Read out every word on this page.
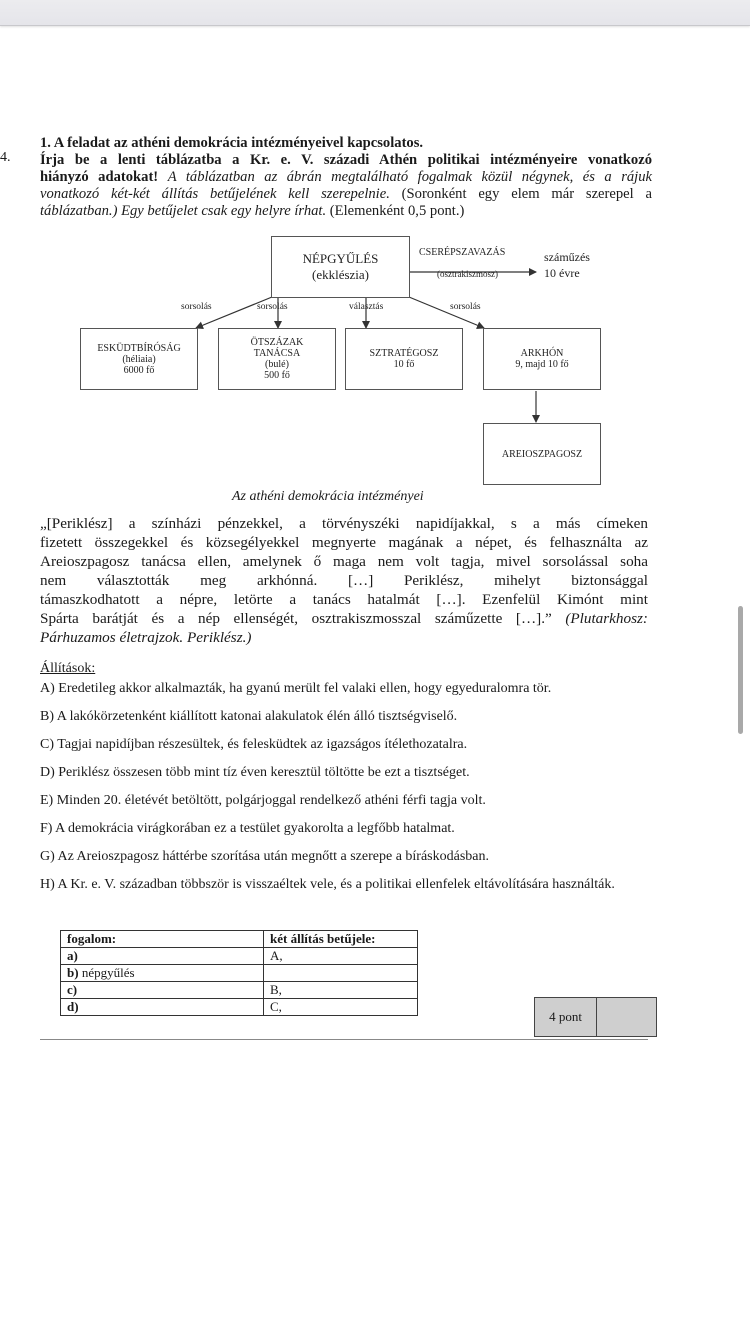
4.
1. A feladat az athéni demokrácia intézményeivel kapcsolatos.
Írja be a lenti táblázatba a Kr. e. V. századi Athén politikai intézményeire vonatkozó
hiányzó adatokat! A táblázatban az ábrán megtalálható fogalmak közül négynek, és a rájuk
vonatkozó két-két állítás betűjelének kell szerepelnie. (Soronként egy elem már szerepel a
táblázatban.) Egy betűjelet csak egy helyre írhat. (Elemenként 0,5 pont.)
NÉPGYŰLÉS
(ekklészia)
CSERÉPSZAVAZÁS
(osztrakiszmosz)
száműzés
10 évre
sorsolás	sorsolás	választás	sorsolás
ESKÜDTBÍRÓSÁG
(héliaia)
6000 fő
ÖTSZÁZAK
TANÁCSA
(bulé)
500 fő
SZTRATÉGOSZ
10 fő
ARKHÓN
9, majd 10 fő
AREIOSZPAGOSZ
Az athéni demokrácia intézményei
„[Periklész] a színházi pénzekkel, a törvényszéki napidíjakkal, s a más címeken
fizetett összegekkel és közsegélyekkel megnyerte magának a népet, és felhasználta az
Areioszpagosz tanácsa ellen, amelynek ő maga nem volt tagja, mivel sorsolással soha
nem választották meg arkhónná. […] Periklész, mihelyt biztonsággal
támaszkodhatott a népre, letörte a tanács hatalmát […]. Ezenfelül Kimónt mint
Spárta barátját és a nép ellenségét, osztrakiszmosszal száműzette […].” (Plutarkhosz:
Párhuzamos életrajzok. Periklész.)
Állítások:
A) Eredetileg akkor alkalmazták, ha gyanú merült fel valaki ellen, hogy egyeduralomra tör.
B) A lakókörzetenként kiállított katonai alakulatok élén álló tisztségviselő.
C) Tagjai napidíjban részesültek, és felesküdtek az igazságos ítélethozatalra.
D) Periklész összesen több mint tíz éven keresztül töltötte be ezt a tisztséget.
E) Minden 20. életévét betöltött, polgárjoggal rendelkező athéni férfi tagja volt.
F) A demokrácia virágkorában ez a testület gyakorolta a legfőbb hatalmat.
G) Az Areioszpagosz háttérbe szorítása után megnőtt a szerepe a bíráskodásban.
H) A Kr. e. V. században többször is visszaéltek vele, és a politikai ellenfelek eltávolítására használták.
fogalom:	két állítás betűjele:
a)	A,
b) népgyűlés	
c)	B,
d)	C,
4 pont
